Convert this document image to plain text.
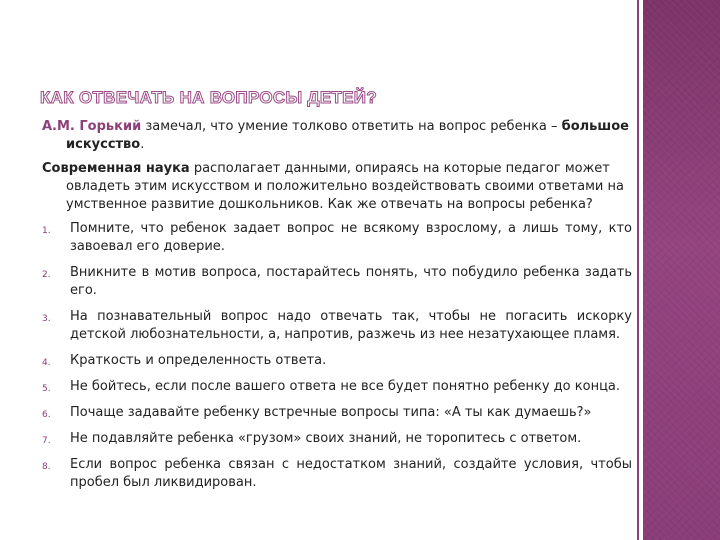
КАК ОТВЕЧАТЬ НА ВОПРОСЫ ДЕТЕЙ?

А.М. Горький замечал, что умение толково ответить на вопрос ребенка – большое искусство.

Современная наука располагает данными, опираясь на которые педагог может овладеть этим искусством и положительно воздействовать своими ответами на умственное развитие дошкольников. Как же отвечать на вопросы ребенка?

1. Помните, что ребенок задает вопрос не всякому взрослому, а лишь тому, кто завоевал его доверие.
2. Вникните в мотив вопроса, постарайтесь понять, что побудило ребенка задать его.
3. На познавательный вопрос надо отвечать так, чтобы не погасить искорку детской любознательности, а, напротив, разжечь из нее незатухающее пламя.
4. Краткость и определенность ответа.
5. Не бойтесь, если после вашего ответа не все будет понятно ребенку до конца.
6. Почаще задавайте ребенку встречные вопросы типа: «А ты как думаешь?»
7. Не подавляйте ребенка «грузом» своих знаний, не торопитесь с ответом.
8. Если вопрос ребенка связан с недостатком знаний, создайте условия, чтобы пробел был ликвидирован.
